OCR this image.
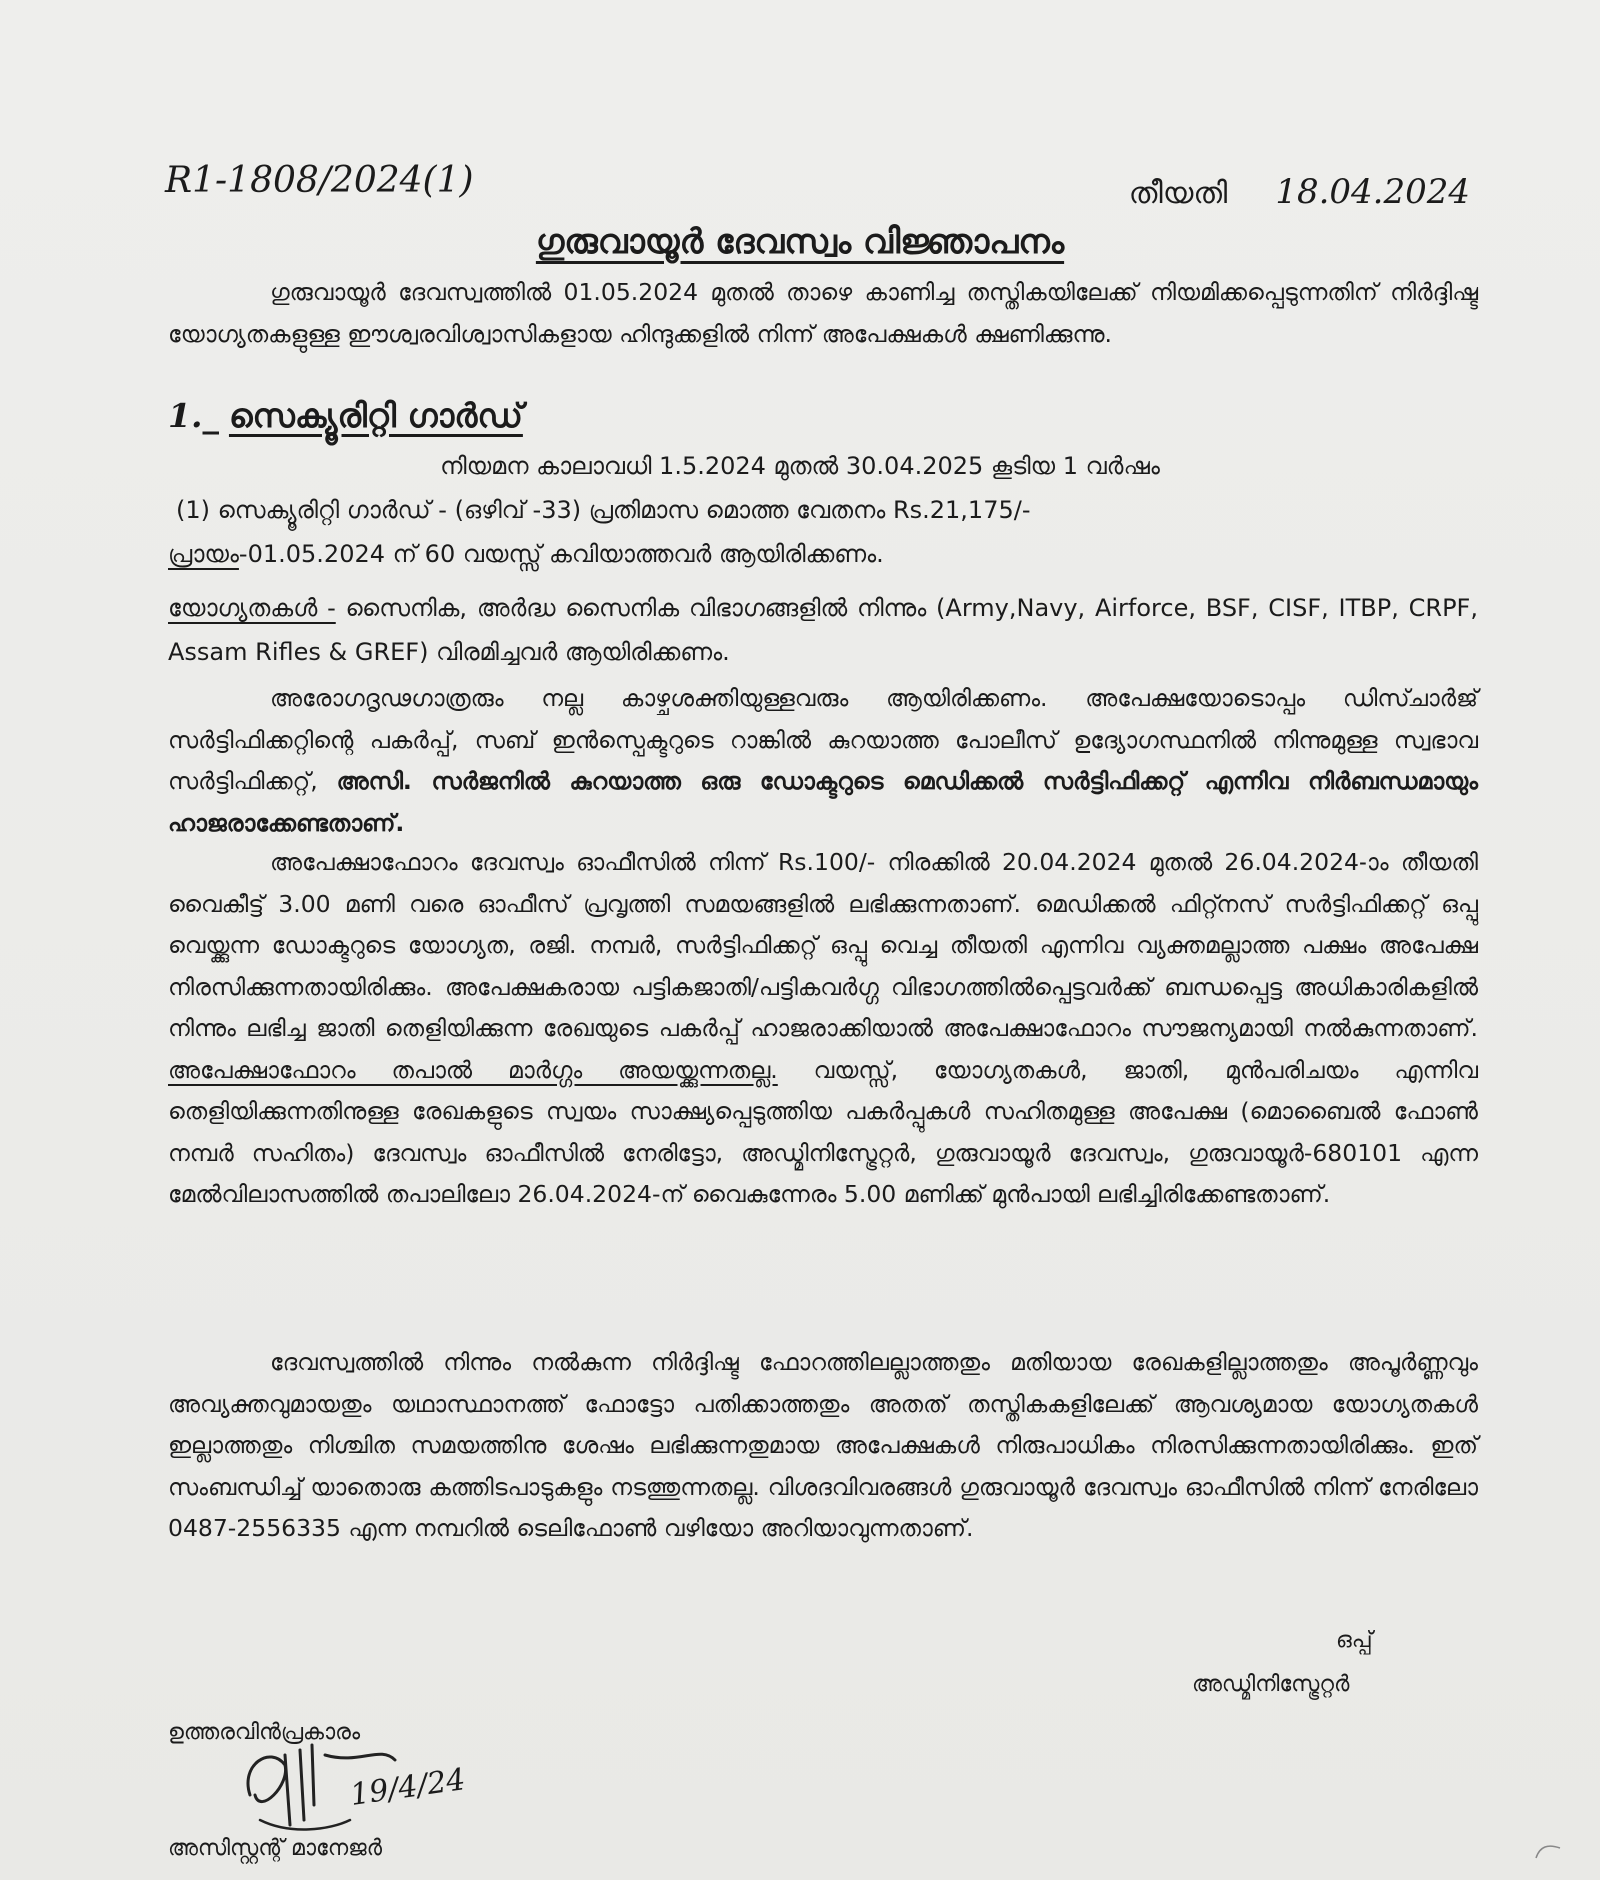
R1-1808/2024(1)	തീയതി 18.04.2024
ഗുരുവായൂർ ദേവസ്വം വിജ്ഞാപനം
ഗുരുവായൂർ ദേവസ്വത്തിൽ 01.05.2024 മുതൽ താഴെ കാണിച്ച തസ്തികയിലേക്ക് നിയമിക്കപ്പെടുന്നതിന് നിർദ്ദിഷ്ട യോഗ്യതകളുള്ള ഈശ്വരവിശ്വാസികളായ ഹിന്ദുക്കളിൽ നിന്ന് അപേക്ഷകൾ ക്ഷണിക്കുന്നു.
1._ സെക്യൂരിറ്റി ഗാർഡ്
നിയമന കാലാവധി 1.5.2024 മുതൽ 30.04.2025 കൂടിയ 1 വർഷം
(1) സെക്യൂരിറ്റി ഗാർഡ് - (ഒഴിവ് -33) പ്രതിമാസ മൊത്ത വേതനം Rs.21,175/-
പ്രായം-01.05.2024 ന് 60 വയസ്സ് കവിയാത്തവർ ആയിരിക്കണം.
യോഗ്യതകൾ - സൈനിക, അർദ്ധ സൈനിക വിഭാഗങ്ങളിൽ നിന്നും (Army,Navy, Airforce, BSF, CISF, ITBP, CRPF, Assam Rifles & GREF) വിരമിച്ചവർ ആയിരിക്കണം.
അരോഗദൃഢഗാത്രരും നല്ല കാഴ്ചശക്തിയുള്ളവരും ആയിരിക്കണം. അപേക്ഷയോടൊപ്പം ഡിസ്ചാർജ് സർട്ടിഫിക്കറ്റിന്റെ പകർപ്പ്, സബ് ഇൻസ്പെക്ടറുടെ റാങ്കിൽ കുറയാത്ത പോലീസ് ഉദ്യോഗസ്ഥനിൽ നിന്നുമുള്ള സ്വഭാവ സർട്ടിഫിക്കറ്റ്, അസി. സർജനിൽ കുറയാത്ത ഒരു ഡോക്ടറുടെ മെഡിക്കൽ സർട്ടിഫിക്കറ്റ് എന്നിവ നിർബന്ധമായും ഹാജരാക്കേണ്ടതാണ്.
അപേക്ഷാഫോറം ദേവസ്വം ഓഫീസിൽ നിന്ന് Rs.100/- നിരക്കിൽ 20.04.2024 മുതൽ 26.04.2024-ാം തീയതി വൈകീട്ട് 3.00 മണി വരെ ഓഫീസ് പ്രവൃത്തി സമയങ്ങളിൽ ലഭിക്കുന്നതാണ്. മെഡിക്കൽ ഫിറ്റ്നസ് സർട്ടിഫിക്കറ്റ് ഒപ്പു വെയ്ക്കുന്ന ഡോക്ടറുടെ യോഗ്യത, രജി. നമ്പർ, സർട്ടിഫിക്കറ്റ് ഒപ്പു വെച്ച തീയതി എന്നിവ വ്യക്തമല്ലാത്ത പക്ഷം അപേക്ഷ നിരസിക്കുന്നതായിരിക്കും. അപേക്ഷകരായ പട്ടികജാതി/പട്ടികവർഗ്ഗ വിഭാഗത്തിൽപ്പെട്ടവർക്ക് ബന്ധപ്പെട്ട അധികാരികളിൽ നിന്നും ലഭിച്ച ജാതി തെളിയിക്കുന്ന രേഖയുടെ പകർപ്പ് ഹാജരാക്കിയാൽ അപേക്ഷാഫോറം സൗജന്യമായി നൽകുന്നതാണ്. അപേക്ഷാഫോറം തപാൽ മാർഗ്ഗം അയയ്ക്കുന്നതല്ല. വയസ്സ്, യോഗ്യതകൾ, ജാതി, മുൻപരിചയം എന്നിവ തെളിയിക്കുന്നതിനുള്ള രേഖകളുടെ സ്വയം സാക്ഷ്യപ്പെടുത്തിയ പകർപ്പുകൾ സഹിതമുള്ള അപേക്ഷ (മൊബൈൽ ഫോൺ നമ്പർ സഹിതം) ദേവസ്വം ഓഫീസിൽ നേരിട്ടോ, അഡ്മിനിസ്ട്രേറ്റർ, ഗുരുവായൂർ ദേവസ്വം, ഗുരുവായൂർ-680101 എന്ന മേൽവിലാസത്തിൽ തപാലിലോ 26.04.2024-ന് വൈകുന്നേരം 5.00 മണിക്ക് മുൻപായി ലഭിച്ചിരിക്കേണ്ടതാണ്.
ദേവസ്വത്തിൽ നിന്നും നൽകുന്ന നിർദ്ദിഷ്ട ഫോറത്തിലല്ലാത്തതും മതിയായ രേഖകളില്ലാത്തതും അപൂർണ്ണവും അവ്യക്തവുമായതും യഥാസ്ഥാനത്ത് ഫോട്ടോ പതിക്കാത്തതും അതത് തസ്തികകളിലേക്ക് ആവശ്യമായ യോഗ്യതകൾ ഇല്ലാത്തതും നിശ്ചിത സമയത്തിനു ശേഷം ലഭിക്കുന്നതുമായ അപേക്ഷകൾ നിരുപാധികം നിരസിക്കുന്നതായിരിക്കും. ഇത് സംബന്ധിച്ച് യാതൊരു കത്തിടപാടുകളും നടത്തുന്നതല്ല. വിശദവിവരങ്ങൾ ഗുരുവായൂർ ദേവസ്വം ഓഫീസിൽ നിന്ന് നേരിലോ 0487-2556335 എന്ന നമ്പറിൽ ടെലിഫോൺ വഴിയോ അറിയാവുന്നതാണ്.
ഒപ്പ്
അഡ്മിനിസ്ട്രേറ്റർ
ഉത്തരവിൻപ്രകാരം
19/4/24
അസിസ്റ്റന്റ് മാനേജർ
